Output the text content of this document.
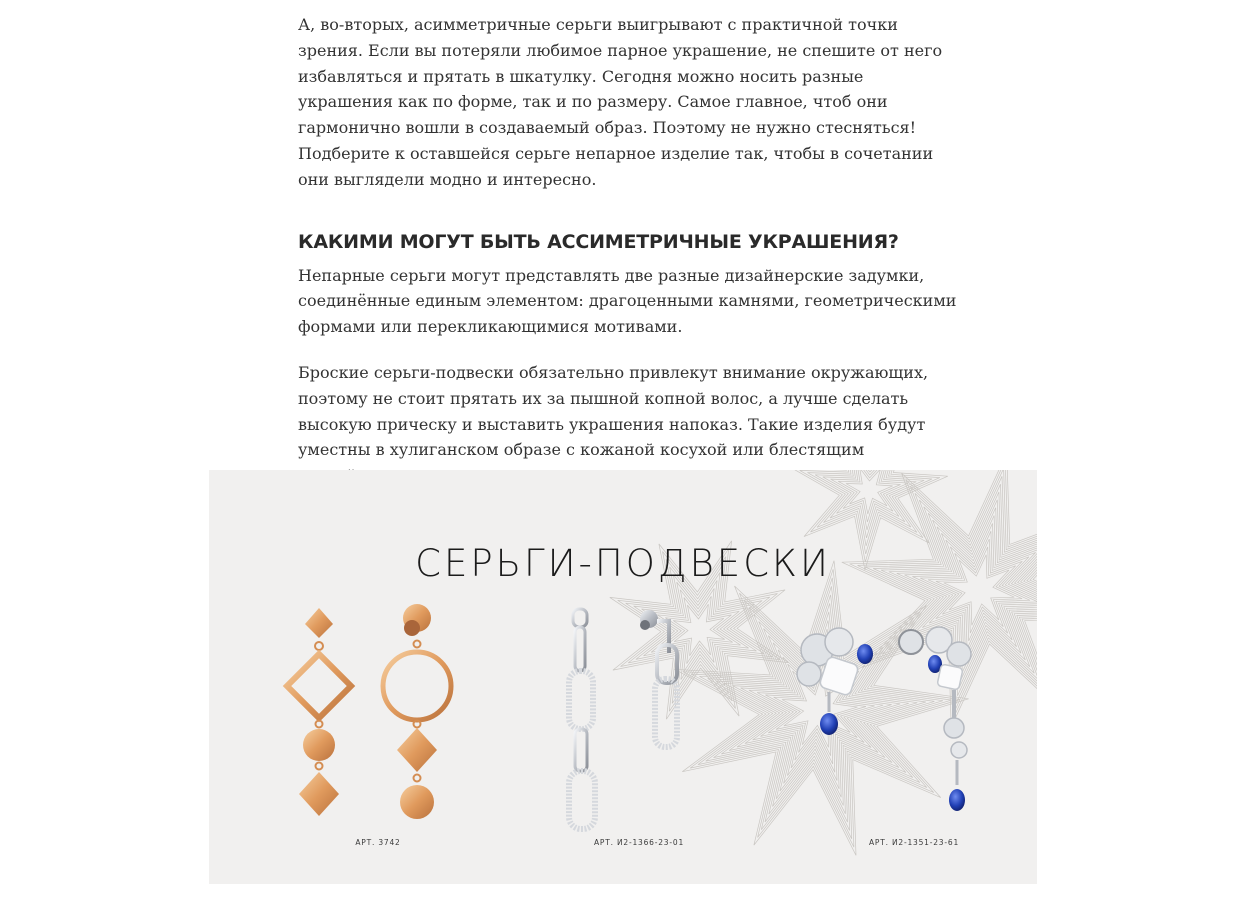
А, во-вторых, асимметричные серьги выигрывают с практичной точки зрения. Если вы потеряли любимое парное украшение, не спешите от него избавляться и прятать в шкатулку. Сегодня можно носить разные украшения как по форме, так и по размеру. Самое главное, чтоб они гармонично вошли в создаваемый образ. Поэтому не нужно стесняться! Подберите к оставшейся серьге непарное изделие так, чтобы в сочетании они выглядели модно и интересно.

КАКИМИ МОГУТ БЫТЬ АССИМЕТРИЧНЫЕ УКРАШЕНИЯ?

Непарные серьги могут представлять две разные дизайнерские задумки, соединённые единым элементом: драгоценными камнями, геометрическими формами или перекликающимися мотивами.

Броские серьги-подвески обязательно привлекут внимание окружающих, поэтому не стоит прятать их за пышной копной волос, а лучше сделать высокую прическу и выставить украшения напоказ. Такие изделия будут уместны в хулиганском образе с кожаной косухой или блестящим

СЕРЬГИ-ПОДВЕСКИ
АРТ. 3742	АРТ. И2-1366-23-01	АРТ. И2-1351-23-61
